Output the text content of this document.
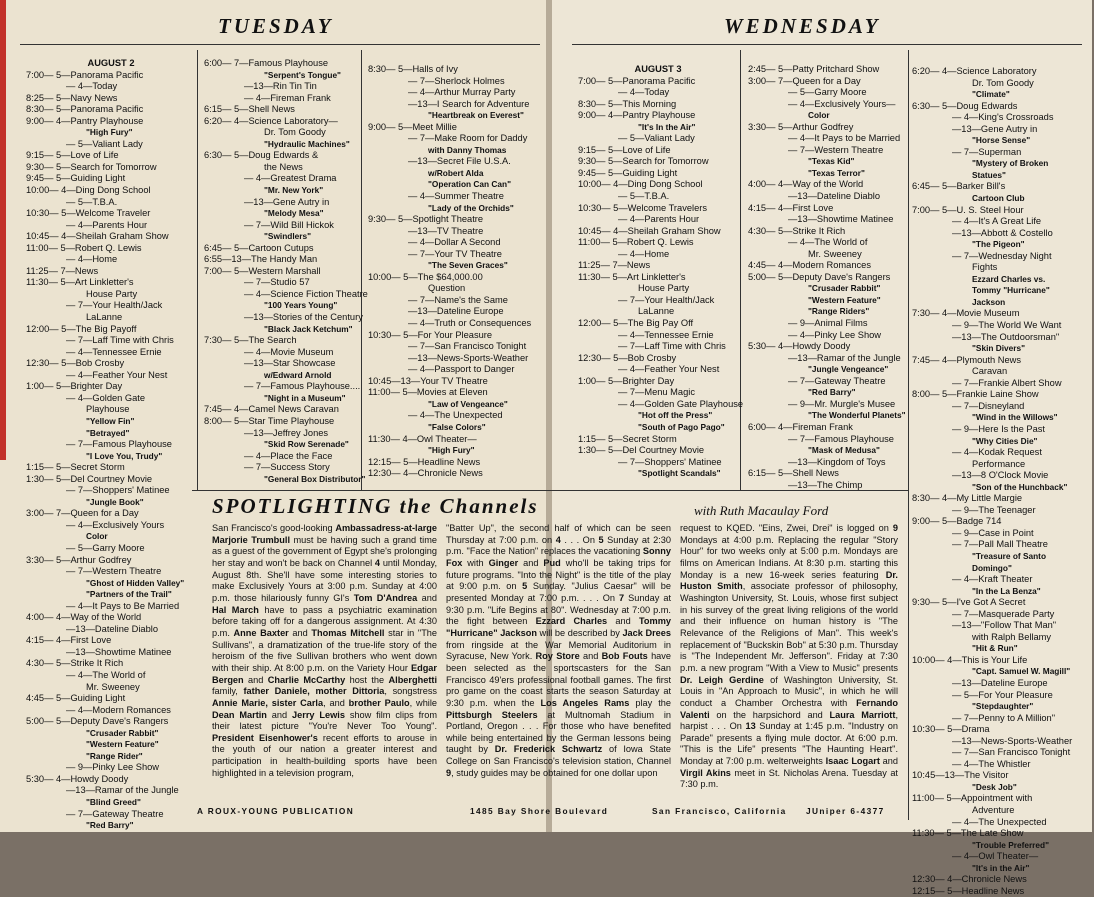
TUESDAY	WEDNESDAY
AUGUST 2
7:00— 5—Panorama Pacific
— 4—Today
8:25— 5—Navy News
8:30— 5—Panorama Pacific
9:00— 4—Pantry Playhouse
"High Fury"
— 5—Valiant Lady
9:15— 5—Love of Life
9:30— 5—Search for Tomorrow
9:45— 5—Guiding Light
10:00— 4—Ding Dong School
— 5—T.B.A.
10:30— 5—Welcome Traveler
— 4—Parents Hour
10:45— 4—Sheilah Graham Show
11:00— 5—Robert Q. Lewis
— 4—Home
11:25— 7—News
11:30— 5—Art Linkletter's
House Party
— 7—Your Health/Jack
LaLanne
12:00— 5—The Big Payoff
— 7—Laff Time with Chris
— 4—Tennessee Ernie
12:30— 5—Bob Crosby
— 4—Feather Your Nest
1:00— 5—Brighter Day
— 4—Golden Gate
Playhouse
"Yellow Fin"
"Betrayed"
— 7—Famous Playhouse
"I Love You, Trudy"
1:15— 5—Secret Storm
1:30— 5—Del Courtney Movie
— 7—Shoppers' Matinee
"Jungle Book"
3:00— 7—Queen for a Day
— 4—Exclusively Yours
Color
— 5—Garry Moore
3:30— 5—Arthur Godfrey
— 7—Western Theatre
"Ghost of Hidden Valley"
"Partners of the Trail"
— 4—It Pays to Be Married
4:00— 4—Way of the World
—13—Dateline Diablo
4:15— 4—First Love
—13—Showtime Matinee
4:30— 5—Strike It Rich
— 4—The World of
Mr. Sweeney
4:45— 5—Guiding Light
— 4—Modern Romances
5:00— 5—Deputy Dave's Rangers
"Crusader Rabbit"
"Western Feature"
"Range Rider"
— 9—Pinky Lee Show
5:30— 4—Howdy Doody
—13—Ramar of the Jungle
"Blind Greed"
— 7—Gateway Theatre
"Red Barry"
6:00— 7—Famous Playhouse
"Serpent's Tongue"
—13—Rin Tin Tin
— 4—Fireman Frank
6:15— 5—Shell News
6:20— 4—Science Laboratory—
Dr. Tom Goody
"Hydraulic Machines"
6:30— 5—Doug Edwards &
the News
— 4—Greatest Drama
"Mr. New York"
—13—Gene Autry in
"Melody Mesa"
— 7—Wild Bill Hickok
"Swindlers"
6:45— 5—Cartoon Cutups
6:55—13—The Handy Man
7:00— 5—Western Marshall
— 7—Studio 57
— 4—Science Fiction Theatre
"100 Years Young"
—13—Stories of the Century
"Black Jack Ketchum"
7:30— 5—The Search
— 4—Movie Museum
—13—Star Showcase
w/Edward Arnold
— 7—Famous Playhouse....
"Night in a Museum"
7:45— 4—Camel News Caravan
8:00— 5—Star Time Playhouse
—13—Jeffrey Jones
"Skid Row Serenade"
— 4—Place the Face
— 7—Success Story
"General Box Distributor"
8:30— 5—Halls of Ivy
— 7—Sherlock Holmes
— 4—Arthur Murray Party
—13—I Search for Adventure
"Heartbreak on Everest"
9:00— 5—Meet Millie
— 7—Make Room for Daddy
with Danny Thomas
—13—Secret File U.S.A.
w/Robert Alda
"Operation Can Can"
— 4—Summer Theatre
"Lady of the Orchids"
9:30— 5—Spotlight Theatre
—13—TV Theatre
— 4—Dollar A Second
— 7—Your TV Theatre
"The Seven Graces"
10:00— 5—The $64,000.00
Question
— 7—Name's the Same
—13—Dateline Europe
— 4—Truth or Consequences
10:30— 5—For Your Pleasure
— 7—San Francisco Tonight
—13—News-Sports-Weather
— 4—Passport to Danger
10:45—13—Your TV Theatre
11:00— 5—Movies at Eleven
"Law of Vengeance"
— 4—The Unexpected
"False Colors"
11:30— 4—Owl Theater—
"High Fury"
12:15— 5—Headline News
12:30— 4—Chronicle News
AUGUST 3
7:00— 5—Panorama Pacific
— 4—Today
8:30— 5—This Morning
9:00— 4—Pantry Playhouse
"It's In the Air"
— 5—Valiant Lady
9:15— 5—Love of Life
9:30— 5—Search for Tomorrow
9:45— 5—Guiding Light
10:00— 4—Ding Dong School
— 5—T.B.A.
10:30— 5—Welcome Travelers
— 4—Parents Hour
10:45— 4—Sheilah Graham Show
11:00— 5—Robert Q. Lewis
— 4—Home
11:25— 7—News
11:30— 5—Art Linkletter's
House Party
— 7—Your Health/Jack
LaLanne
12:00— 5—The Big Pay Off
— 4—Tennessee Ernie
— 7—Laff Time with Chris
12:30— 5—Bob Crosby
— 4—Feather Your Nest
1:00— 5—Brighter Day
— 7—Menu Magic
— 4—Golden Gate Playhouse
"Hot off the Press"
"South of Pago Pago"
1:15— 5—Secret Storm
1:30— 5—Del Courtney Movie
— 7—Shoppers' Matinee
"Spotlight Scandals"
2:45— 5—Patty Pritchard Show
3:00— 7—Queen for a Day
— 5—Garry Moore
— 4—Exclusively Yours—
Color
3:30— 5—Arthur Godfrey
— 4—It Pays to be Married
— 7—Western Theatre
"Texas Kid"
"Texas Terror"
4:00— 4—Way of the World
—13—Dateline Diablo
4:15— 4—First Love
—13—Showtime Matinee
4:30— 5—Strike It Rich
— 4—The World of
Mr. Sweeney
4:45— 4—Modern Romances
5:00— 5—Deputy Dave's Rangers
"Crusader Rabbit"
"Western Feature"
"Range Riders"
— 9—Animal Films
— 4—Pinky Lee Show
5:30— 4—Howdy Doody
—13—Ramar of the Jungle
"Jungle Vengeance"
— 7—Gateway Theatre
"Red Barry"
— 9—Mr. Murgle's Musee
"The Wonderful Planets"
6:00— 4—Fireman Frank
— 7—Famous Playhouse
"Mask of Medusa"
—13—Kingdom of Toys
6:15— 5—Shell News
—13—The Chimp
6:20— 4—Science Laboratory
Dr. Tom Goody
"Climate"
6:30— 5—Doug Edwards
— 4—King's Crossroads
—13—Gene Autry in
"Horse Sense"
— 7—Superman
"Mystery of Broken
Statues"
6:45— 5—Barker Bill's
Cartoon Club
7:00— 5—U. S. Steel Hour
— 4—It's A Great Life
—13—Abbott & Costello
"The Pigeon"
— 7—Wednesday Night
Fights
Ezzard Charles vs.
Tommy "Hurricane"
Jackson
7:30— 4—Movie Museum
— 9—The World We Want
—13—The Outdoorsman"
"Skin Divers"
7:45— 4—Plymouth News
Caravan
— 7—Frankie Albert Show
8:00— 5—Frankie Laine Show
— 7—Disneyland
"Wind in the Willows"
— 9—Here Is the Past
"Why Cities Die"
— 4—Kodak Request
Performance
—13—8 O'Clock Movie
"Son of the Hunchback"
8:30— 4—My Little Margie
— 9—The Teenager
9:00— 5—Badge 714
— 9—Case in Point
— 7—Pall Mall Theatre
"Treasure of Santo
Domingo"
— 4—Kraft Theater
"In the La Benza"
9:30— 5—I've Got A Secret
— 7—Masquerade Party
—13—"Follow That Man"
with Ralph Bellamy
"Hit & Run"
10:00— 4—This is Your Life
"Capt. Samuel W. Magill"
—13—Dateline Europe
— 5—For Your Pleasure
"Stepdaughter"
— 7—Penny to A Million"
10:30— 5—Drama
—13—News-Sports-Weather
— 7—San Francisco Tonight
— 4—The Whistler
10:45—13—The Visitor
"Desk Job"
11:00— 5—Appointment with
Adventure
— 4—The Unexpected
11:30— 5—The Late Show
"Trouble Preferred"
— 4—Owl Theater—
"It's in the Air"
12:30— 4—Chronicle News
12:15— 5—Headline News
SPOTLIGHTING the Channels	with Ruth Macaulay Ford
San Francisco's good-looking Ambassadress-at-large Marjorie Trumbull must be having such a grand time as a guest of the government of Egypt she's prolonging her stay and won't be back on Channel 4 until Monday, August 8th. She'll have some interesting stories to make Exclusively Yours at 3:00 p.m. Sunday at 4:00 p.m. those hilariously funny GI's Tom D'Andrea and Hal March have to pass a psychiatric examination before taking off for a dangerous assignment. At 4:30 p.m. Anne Baxter and Thomas Mitchell star in "The Sullivans", a dramatization of the true-life story of the heroism of the five Sullivan brothers who went down with their ship. At 8:00 p.m. on the Variety Hour Edgar Bergen and Charlie McCarthy host the Alberghetti family, father Daniele, mother Dittoria, songstress Annie Marie, sister Carla, and brother Paulo, while Dean Martin and Jerry Lewis show film clips from their latest picture "You're Never Too Young". President Eisenhower's recent efforts to arouse in the youth of our nation a greater interest and participation in health-building sports have been highlighted in a television program,
"Batter Up", the second half of which can be seen Thursday at 7:00 p.m. on 4 . . . On 5 Sunday at 2:30 p.m. "Face the Nation" replaces the vacationing Sonny Fox with Ginger and Pud who'll be taking trips for future programs. "Into the Night" is the title of the play at 9:00 p.m. on 5 Sunday. "Julius Caesar" will be presented Monday at 7:00 p.m. . . . On 7 Sunday at 9:30 p.m. "Life Begins at 80". Wednesday at 7:00 p.m. the fight between Ezzard Charles and Tommy "Hurricane" Jackson will be described by Jack Drees from ringside at the War Memorial Auditorium in Syracuse, New York. Roy Store and Bob Fouts have been selected as the sportscasters for the San Francisco 49'ers professional football games. The first pro game on the coast starts the season Saturday at 9:30 p.m. when the Los Angeles Rams play the Pittsburgh Steelers at Multnomah Stadium in Portland, Oregon . . . For those who have benefited while being entertained by the German lessons being taught by Dr. Frederick Schwartz of Iowa State College on San Francisco's television station, Channel 9, study guides may be obtained for one dollar upon
request to KQED. "Eins, Zwei, Drei" is logged on 9 Mondays at 4:00 p.m. Replacing the regular "Story Hour" for two weeks only at 5:00 p.m. Mondays are films on American Indians. At 8:30 p.m. starting this Monday is a new 16-week series featuring Dr. Huston Smith, associate professor of philosophy, Washington University, St. Louis, whose first subject in his survey of the great living religions of the world and their influence on human history is "The Relevance of the Religions of Man". This week's replacement of "Buckskin Bob" at 5:30 p.m. Thursday is "The Independent Mr. Jefferson". Friday at 7:30 p.m. a new program "With a View to Music" presents Dr. Leigh Gerdine of Washington University, St. Louis in "An Approach to Music", in which he will conduct a Chamber Orchestra with Fernando Valenti on the harpsichord and Laura Marriott, harpist . . . On 13 Sunday at 1:45 p.m. "Industry on Parade" presents a flying mule doctor. At 6:00 p.m. "This is the Life" presents "The Haunting Heart". Monday at 7:00 p.m. welterweights Isaac Logart and Virgil Akins meet in St. Nicholas Arena. Tuesday at 7:30 p.m.
A ROUX-YOUNG PUBLICATION	1485 Bay Shore Boulevard	San Francisco, California JUniper 6-4377
